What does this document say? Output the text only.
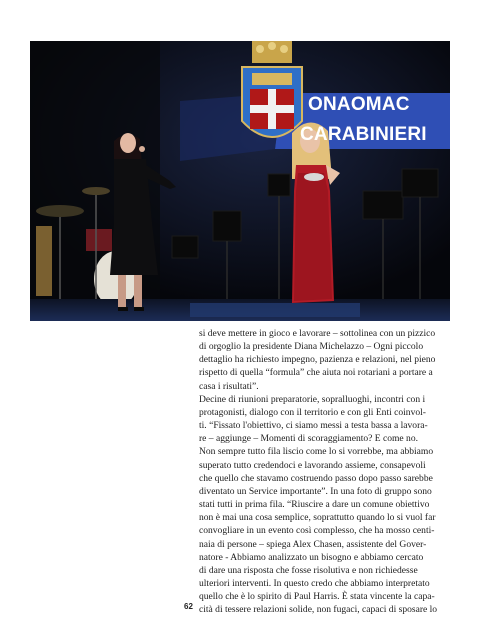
ONAOMAC
CARABINIERI
si deve mettere in gioco e lavorare – sottolinea con un pizzico
di orgoglio la presidente Diana Michelazzo – Ogni piccolo
dettaglio ha richiesto impegno, pazienza e relazioni, nel pieno
rispetto di quella “formula” che aiuta noi rotariani a portare a
casa i risultati”.
Decine di riunioni preparatorie, sopralluoghi, incontri con i
protagonisti, dialogo con il territorio e con gli Enti coinvol-
ti. “Fissato l'obiettivo, ci siamo messi a testa bassa a lavora-
re – aggiunge – Momenti di scoraggiamento? E come no.
Non sempre tutto fila liscio come lo si vorrebbe, ma abbiamo
superato tutto credendoci e lavorando assieme, consapevoli
che quello che stavamo costruendo passo dopo passo sarebbe
diventato un Service importante”. In una foto di gruppo sono
stati tutti in prima fila. “Riuscire a dare un comune obiettivo
non è mai una cosa semplice, soprattutto quando lo si vuol far
convogliare in un evento così complesso, che ha mosso centi-
naia di persone – spiega Alex Chasen, assistente del Gover-
natore - Abbiamo analizzato un bisogno e abbiamo cercato
di dare una risposta che fosse risolutiva e non richiedesse
ulteriori interventi. In questo credo che abbiamo interpretato
quello che è lo spirito di Paul Harris. È stata vincente la capa-
cità di tessere relazioni solide, non fugaci, capaci di sposare lo
62
